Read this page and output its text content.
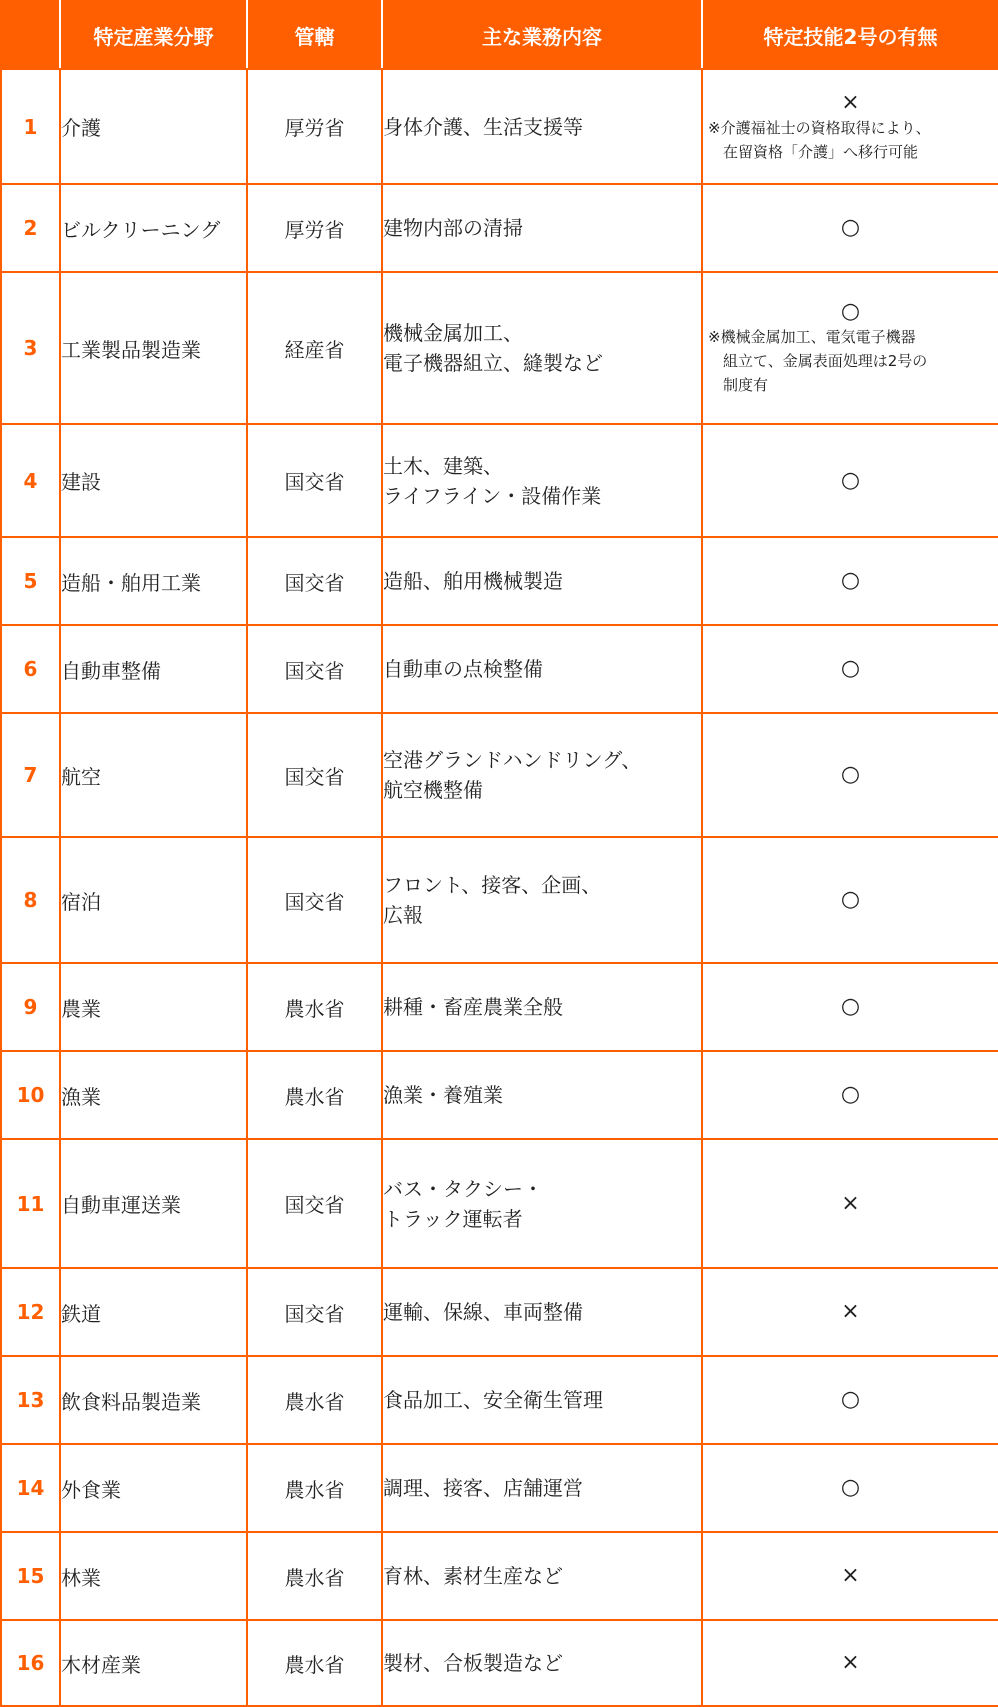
	特定産業分野	管轄	主な業務内容	特定技能2号の有無
1	介護	厚労省	身体介護、生活支援等	×
※介護福祉士の資格取得により、
在留資格「介護」へ移行可能

2	ビルクリーニング	厚労省	建物内部の清掃	○

3	工業製品製造業	経産省	機械金属加工、
電子機器組立、縫製など	○
※機械金属加工、電気電子機器
組立て、金属表面処理は2号の
制度有

4	建設	国交省	土木、建築、
ライフライン・設備作業	○

5	造船・舶用工業	国交省	造船、舶用機械製造	○

6	自動車整備	国交省	自動車の点検整備	○

7	航空	国交省	空港グランドハンドリング、
航空機整備	○

8	宿泊	国交省	フロント、接客、企画、
広報	○

9	農業	農水省	耕種・畜産農業全般	○

10	漁業	農水省	漁業・養殖業	○

11	自動車運送業	国交省	バス・タクシー・
トラック運転者	×

12	鉄道	国交省	運輸、保線、車両整備	×

13	飲食料品製造業	農水省	食品加工、安全衛生管理	○

14	外食業	農水省	調理、接客、店舗運営	○

15	林業	農水省	育林、素材生産など	×

16	木材産業	農水省	製材、合板製造など	×
